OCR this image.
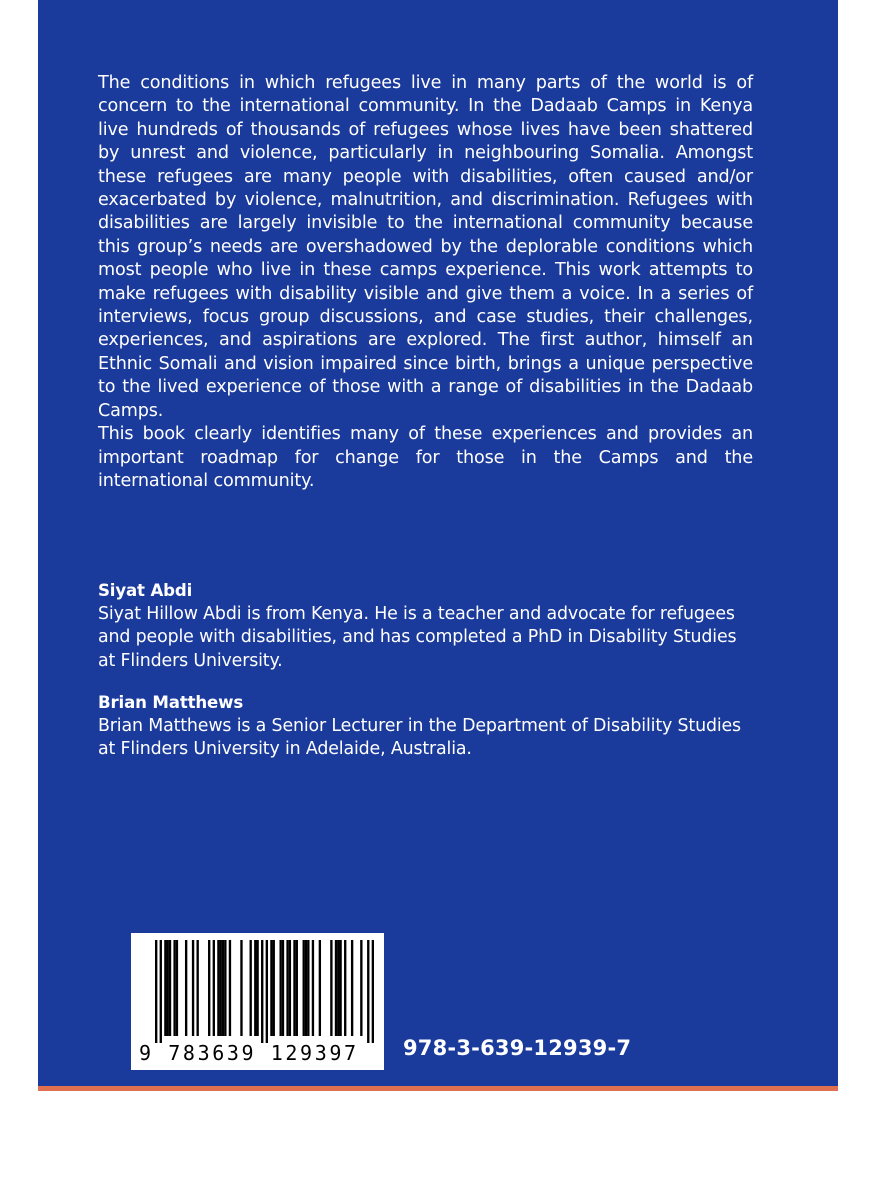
The conditions in which refugees live in many parts of the world is of concern to the international community. In the Dadaab Camps in Kenya live hundreds of thousands of refugees whose lives have been shattered by unrest and violence, particularly in neighbouring Somalia. Amongst these refugees are many people with disabilities, often caused and/or exacerbated by violence, malnutrition, and discrimination. Refugees with disabilities are largely invisible to the international community because this group’s needs are overshadowed by the deplorable conditions which most people who live in these camps experience. This work attempts to make refugees with disability visible and give them a voice. In a series of interviews, focus group discussions, and case studies, their challenges, experiences, and aspirations are explored. The first author, himself an Ethnic Somali and vision impaired since birth, brings a unique perspective to the lived experience of those with a range of disabilities in the Dadaab Camps.

This book clearly identifies many of these experiences and provides an important roadmap for change for those in the Camps and the international community.

Siyat Abdi

Siyat Hillow Abdi is from Kenya. He is a teacher and advocate for refugees and people with disabilities, and has completed a PhD in Disability Studies at Flinders University.

Brian Matthews

Brian Matthews is a Senior Lecturer in the Department of Disability Studies at Flinders University in Adelaide, Australia.

9 783639 129397	978-3-639-12939-7
